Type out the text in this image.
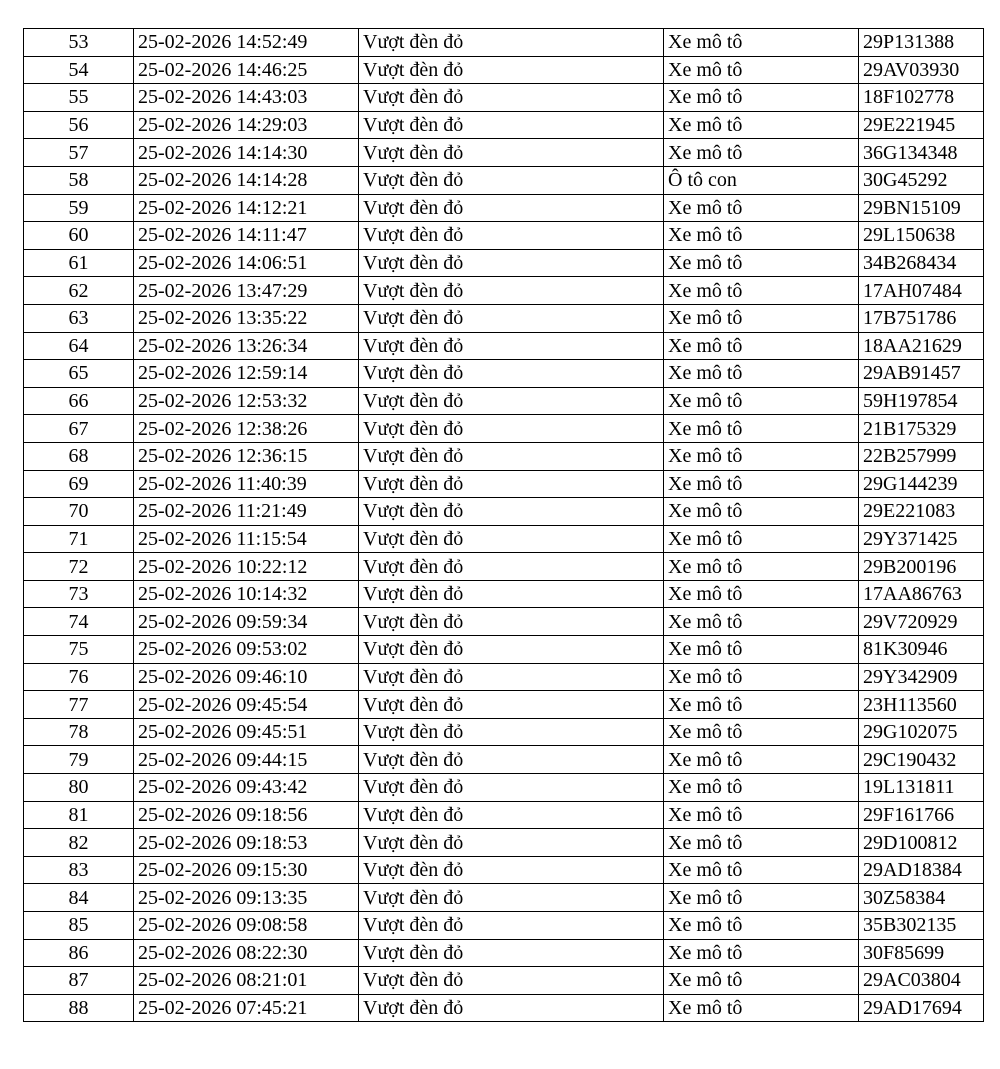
53	25-02-2026 14:52:49	Vượt đèn đỏ	Xe mô tô	29P131388
54	25-02-2026 14:46:25	Vượt đèn đỏ	Xe mô tô	29AV03930
55	25-02-2026 14:43:03	Vượt đèn đỏ	Xe mô tô	18F102778
56	25-02-2026 14:29:03	Vượt đèn đỏ	Xe mô tô	29E221945
57	25-02-2026 14:14:30	Vượt đèn đỏ	Xe mô tô	36G134348
58	25-02-2026 14:14:28	Vượt đèn đỏ	Ô tô con	30G45292
59	25-02-2026 14:12:21	Vượt đèn đỏ	Xe mô tô	29BN15109
60	25-02-2026 14:11:47	Vượt đèn đỏ	Xe mô tô	29L150638
61	25-02-2026 14:06:51	Vượt đèn đỏ	Xe mô tô	34B268434
62	25-02-2026 13:47:29	Vượt đèn đỏ	Xe mô tô	17AH07484
63	25-02-2026 13:35:22	Vượt đèn đỏ	Xe mô tô	17B751786
64	25-02-2026 13:26:34	Vượt đèn đỏ	Xe mô tô	18AA21629
65	25-02-2026 12:59:14	Vượt đèn đỏ	Xe mô tô	29AB91457
66	25-02-2026 12:53:32	Vượt đèn đỏ	Xe mô tô	59H197854
67	25-02-2026 12:38:26	Vượt đèn đỏ	Xe mô tô	21B175329
68	25-02-2026 12:36:15	Vượt đèn đỏ	Xe mô tô	22B257999
69	25-02-2026 11:40:39	Vượt đèn đỏ	Xe mô tô	29G144239
70	25-02-2026 11:21:49	Vượt đèn đỏ	Xe mô tô	29E221083
71	25-02-2026 11:15:54	Vượt đèn đỏ	Xe mô tô	29Y371425
72	25-02-2026 10:22:12	Vượt đèn đỏ	Xe mô tô	29B200196
73	25-02-2026 10:14:32	Vượt đèn đỏ	Xe mô tô	17AA86763
74	25-02-2026 09:59:34	Vượt đèn đỏ	Xe mô tô	29V720929
75	25-02-2026 09:53:02	Vượt đèn đỏ	Xe mô tô	81K30946
76	25-02-2026 09:46:10	Vượt đèn đỏ	Xe mô tô	29Y342909
77	25-02-2026 09:45:54	Vượt đèn đỏ	Xe mô tô	23H113560
78	25-02-2026 09:45:51	Vượt đèn đỏ	Xe mô tô	29G102075
79	25-02-2026 09:44:15	Vượt đèn đỏ	Xe mô tô	29C190432
80	25-02-2026 09:43:42	Vượt đèn đỏ	Xe mô tô	19L131811
81	25-02-2026 09:18:56	Vượt đèn đỏ	Xe mô tô	29F161766
82	25-02-2026 09:18:53	Vượt đèn đỏ	Xe mô tô	29D100812
83	25-02-2026 09:15:30	Vượt đèn đỏ	Xe mô tô	29AD18384
84	25-02-2026 09:13:35	Vượt đèn đỏ	Xe mô tô	30Z58384
85	25-02-2026 09:08:58	Vượt đèn đỏ	Xe mô tô	35B302135
86	25-02-2026 08:22:30	Vượt đèn đỏ	Xe mô tô	30F85699
87	25-02-2026 08:21:01	Vượt đèn đỏ	Xe mô tô	29AC03804
88	25-02-2026 07:45:21	Vượt đèn đỏ	Xe mô tô	29AD17694
